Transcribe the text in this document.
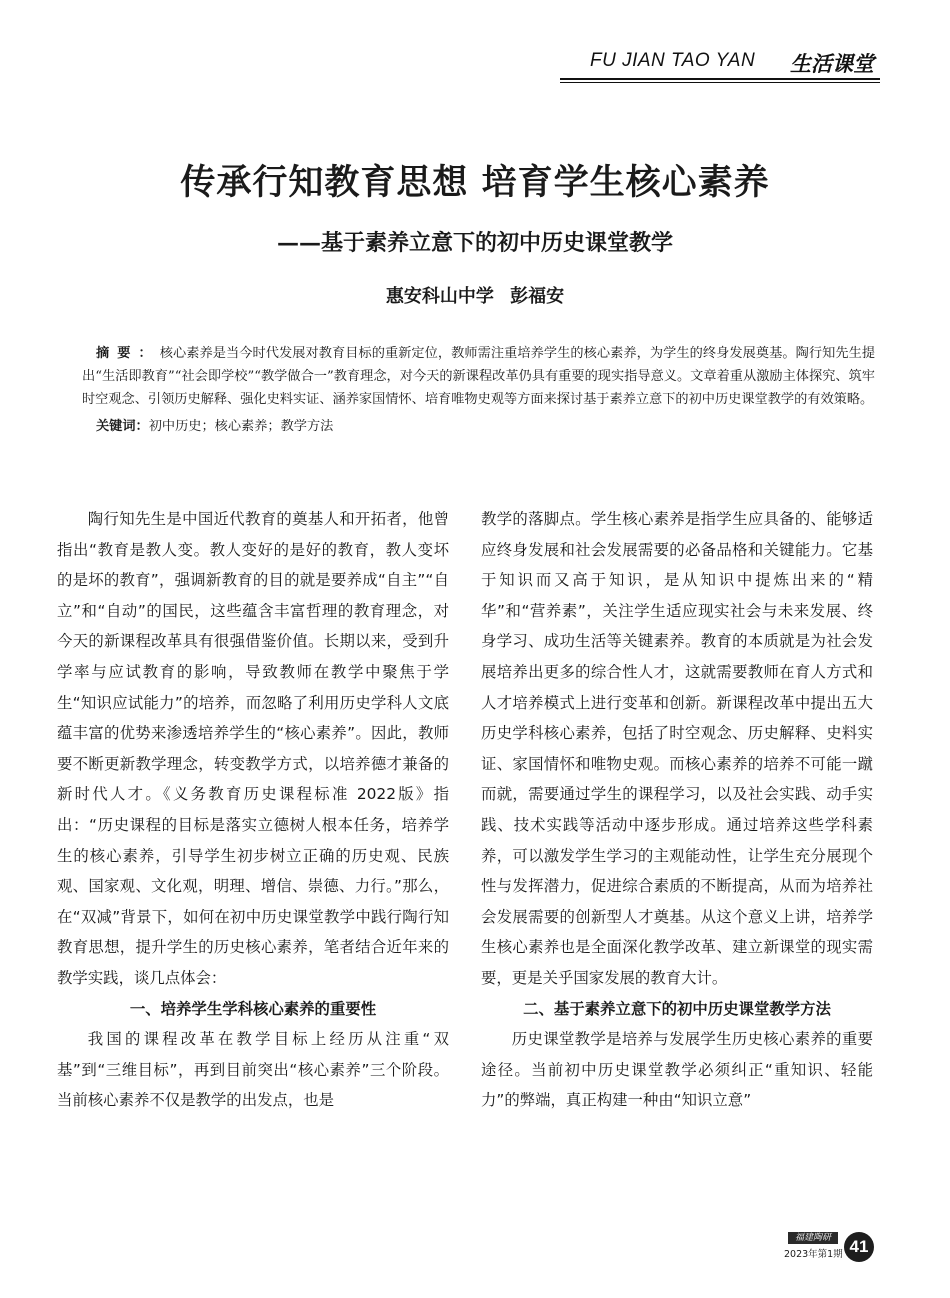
FU JIAN TAO YAN 生活课堂
传承行知教育思想 培育学生核心素养
——基于素养立意下的初中历史课堂教学
惠安科山中学 彭福安
摘要：核心素养是当今时代发展对教育目标的重新定位，教师需注重培养学生的核心素养，为学生的终身发展奠基。陶行知先生提出“生活即教育”“社会即学校”“教学做合一”教育理念，对今天的新课程改革仍具有重要的现实指导意义。文章着重从激励主体探究、筑牢时空观念、引领历史解释、强化史料实证、涵养家国情怀、培育唯物史观等方面来探讨基于素养立意下的初中历史课堂教学的有效策略。
关键词：初中历史；核心素养；教学方法

陶行知先生是中国近代教育的奠基人和开拓者，他曾指出“教育是教人变。教人变好的是好的教育，教人变坏的是坏的教育”，强调新教育的目的就是要养成“自主”“自立”和“自动”的国民，这些蕴含丰富哲理的教育理念，对今天的新课程改革具有很强借鉴价值。长期以来，受到升学率与应试教育的影响，导致教师在教学中聚焦于学生“知识应试能力”的培养，而忽略了利用历史学科人文底蕴丰富的优势来渗透培养学生的“核心素养”。因此，教师要不断更新教学理念，转变教学方式，以培养德才兼备的新时代人才。《义务教育历史课程标准 2022版》指出：“历史课程的目标是落实立德树人根本任务，培养学生的核心素养，引导学生初步树立正确的历史观、民族观、国家观、文化观，明理、增信、崇德、力行。”那么，在“双减”背景下，如何在初中历史课堂教学中践行陶行知教育思想，提升学生的历史核心素养，笔者结合近年来的教学实践，谈几点体会：

一、培养学生学科核心素养的重要性

我国的课程改革在教学目标上经历从注重“双基”到“三维目标”，再到目前突出“核心素养”三个阶段。当前核心素养不仅是教学的出发点，也是

教学的落脚点。学生核心素养是指学生应具备的、能够适应终身发展和社会发展需要的必备品格和关键能力。它基于知识而又高于知识，是从知识中提炼出来的“精华”和“营养素”，关注学生适应现实社会与未来发展、终身学习、成功生活等关键素养。教育的本质就是为社会发展培养出更多的综合性人才，这就需要教师在育人方式和人才培养模式上进行变革和创新。新课程改革中提出五大历史学科核心素养，包括了时空观念、历史解释、史料实证、家国情怀和唯物史观。而核心素养的培养不可能一蹴而就，需要通过学生的课程学习，以及社会实践、动手实践、技术实践等活动中逐步形成。通过培养这些学科素养，可以激发学生学习的主观能动性，让学生充分展现个性与发挥潜力，促进综合素质的不断提高，从而为培养社会发展需要的创新型人才奠基。从这个意义上讲，培养学生核心素养也是全面深化教学改革、建立新课堂的现实需要，更是关乎国家发展的教育大计。

二、基于素养立意下的初中历史课堂教学方法

历史课堂教学是培养与发展学生历史核心素养的重要途径。当前初中历史课堂教学必须纠正“重知识、轻能力”的弊端，真正构建一种由“知识立意”

福建陶研
2023年第1期 41
